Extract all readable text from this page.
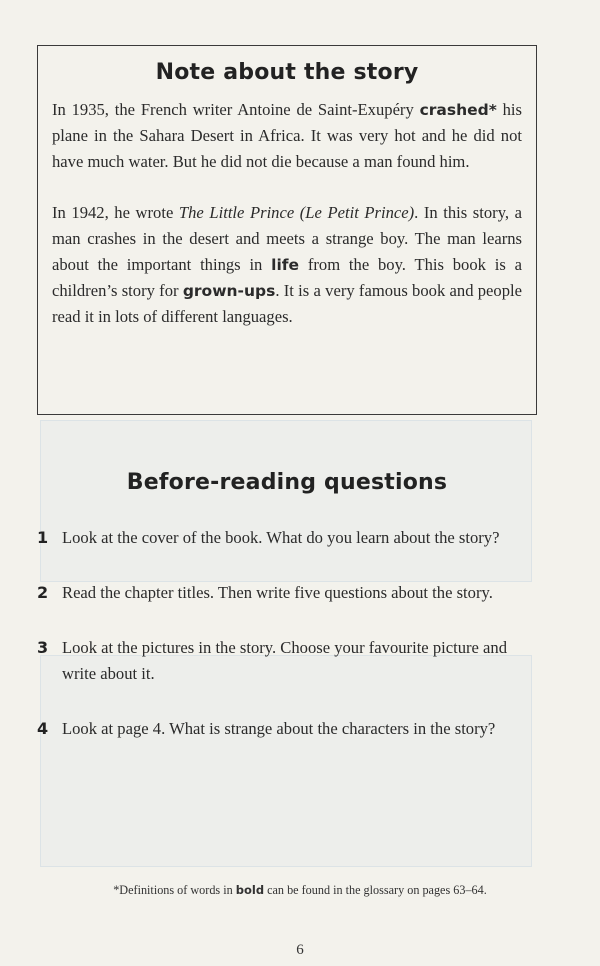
Note about the story

In 1935, the French writer Antoine de Saint-Exupéry crashed* his plane in the Sahara Desert in Africa. It was very hot and he did not have much water. But he did not die because a man found him.

In 1942, he wrote The Little Prince (Le Petit Prince). In this story, a man crashes in the desert and meets a strange boy. The man learns about the important things in life from the boy. This book is a children’s story for grown-ups. It is a very famous book and people read it in lots of different languages.

Before-reading questions
1 Look at the cover of the book. What do you learn about the story?
2 Read the chapter titles. Then write five questions about the story.
3 Look at the pictures in the story. Choose your favourite picture and write about it.
4 Look at page 4. What is strange about the characters in the story?
*Definitions of words in bold can be found in the glossary on pages 63–64.
6
